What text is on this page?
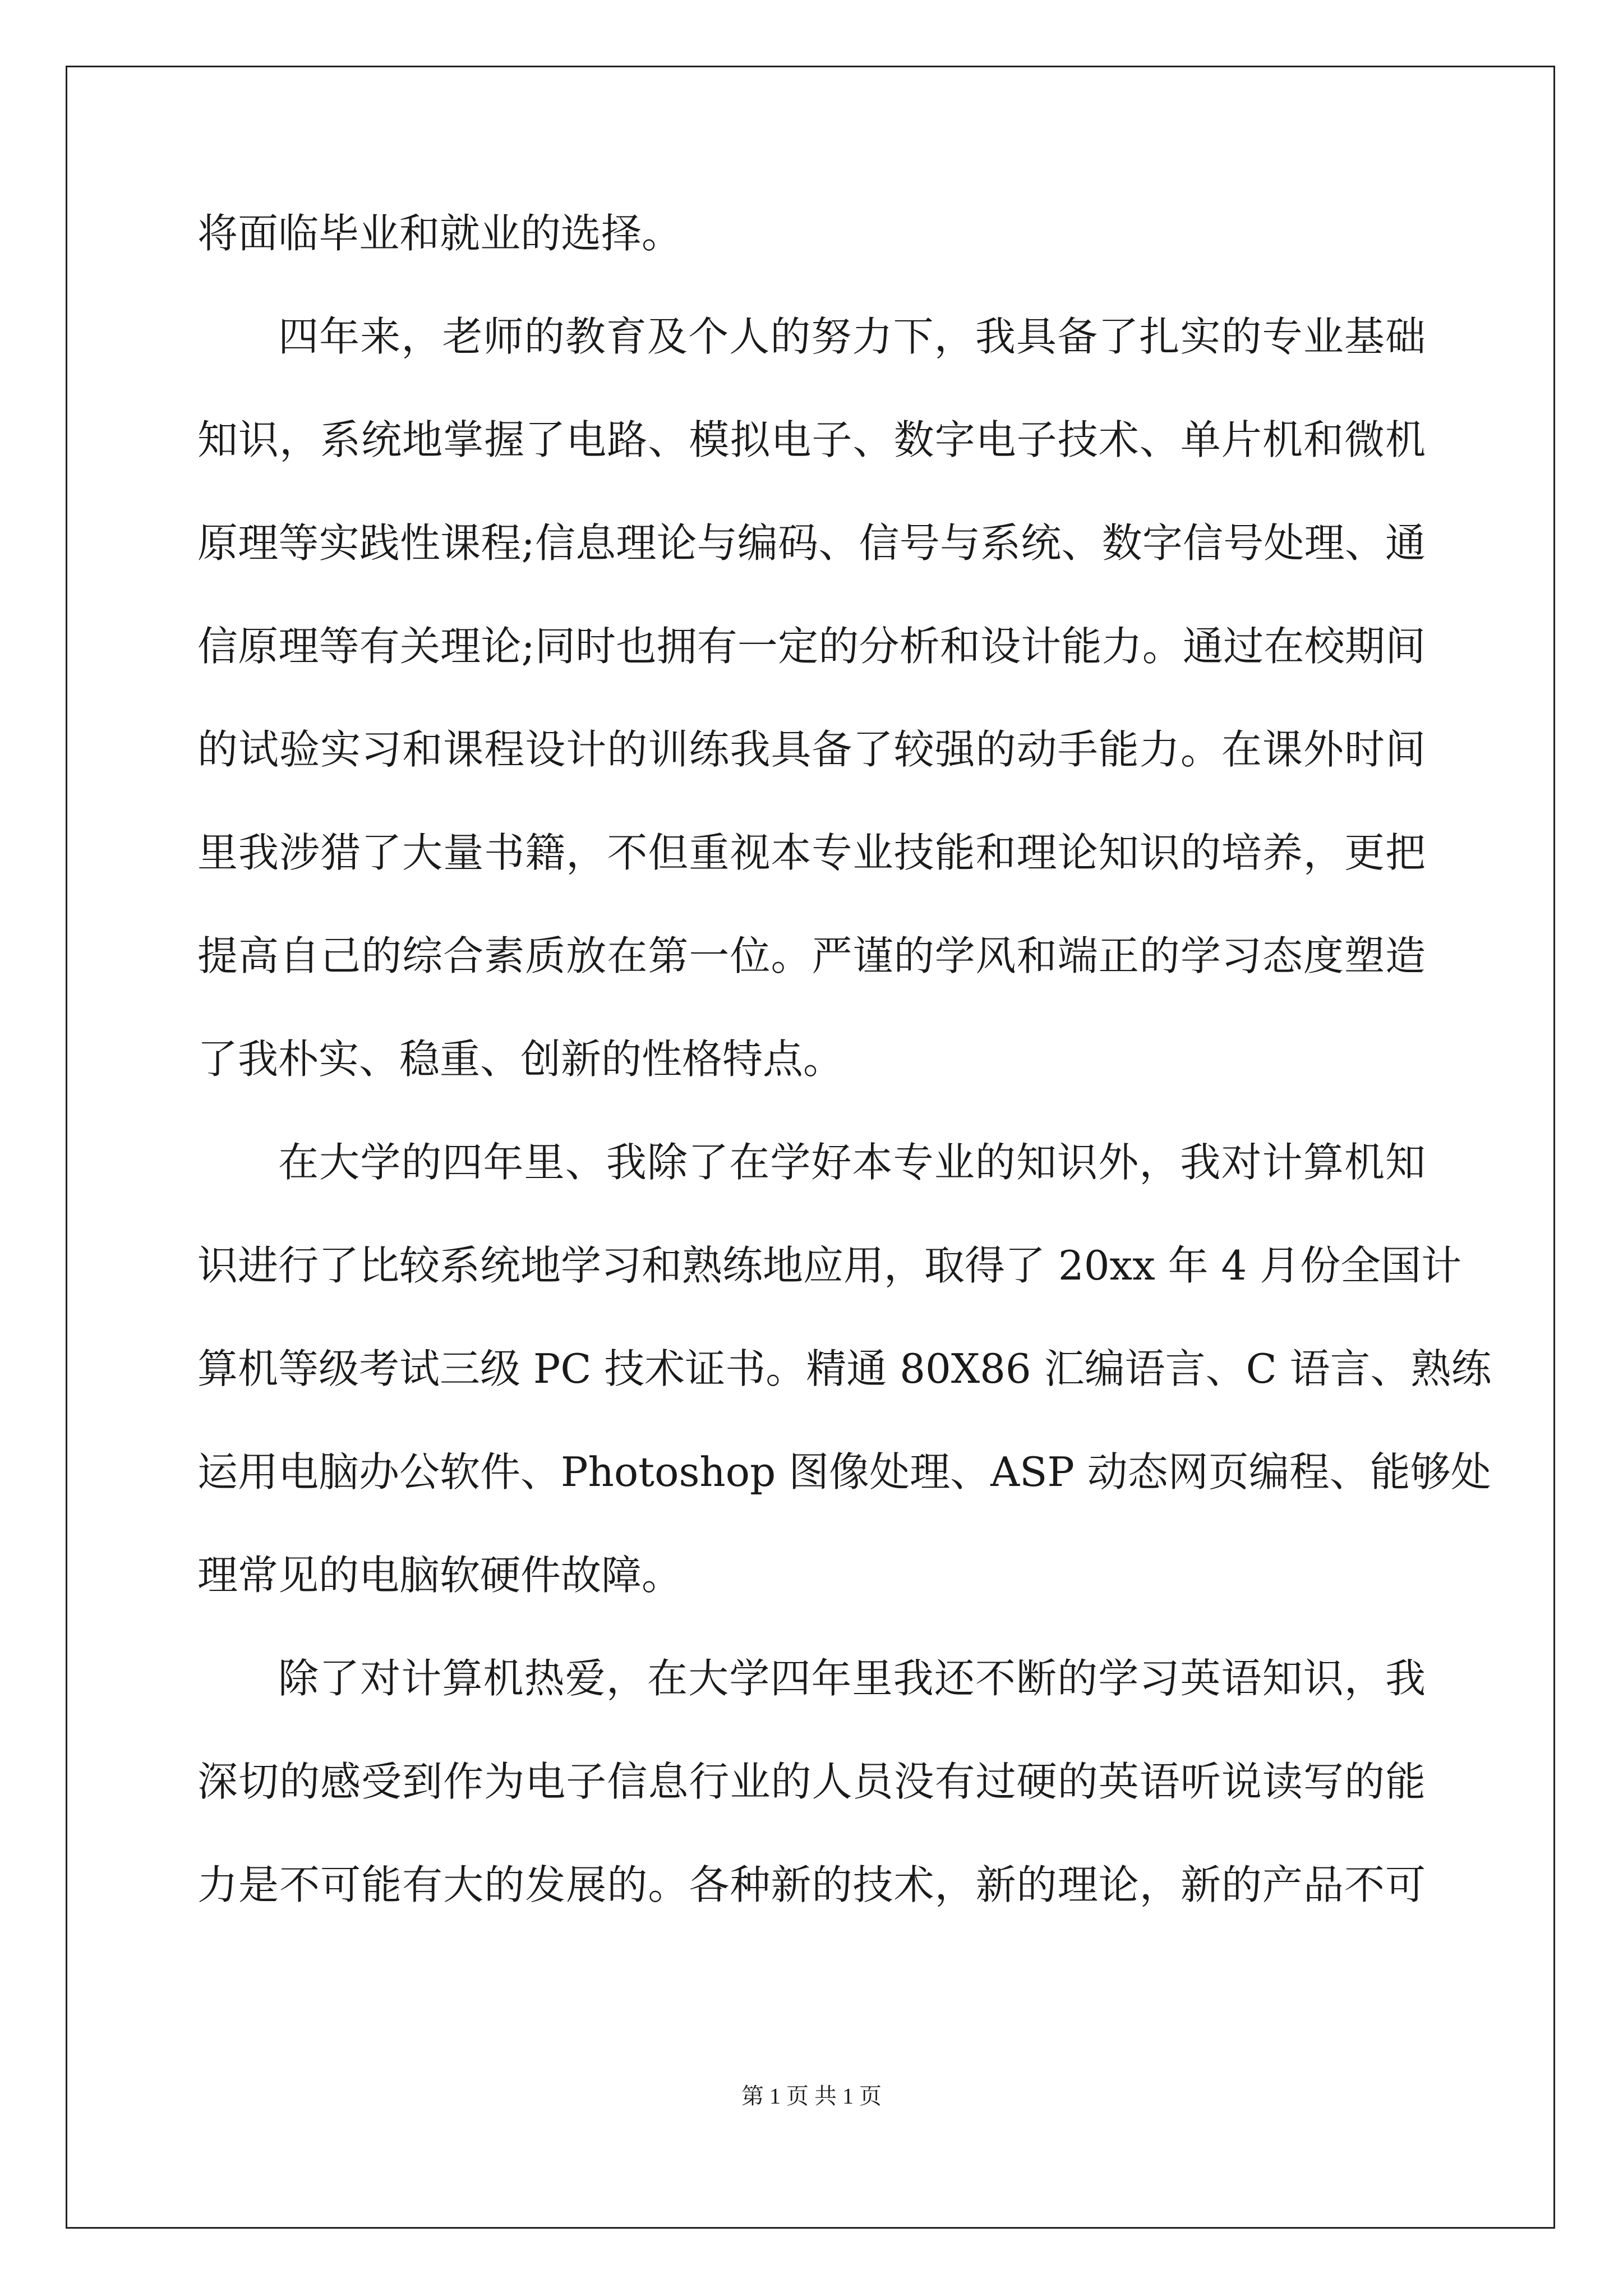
将面临毕业和就业的选择。
四年来，老师的教育及个人的努力下，我具备了扎实的专业基础
知识，系统地掌握了电路、模拟电子、数字电子技术、单片机和微机
原理等实践性课程;信息理论与编码、信号与系统、数字信号处理、通
信原理等有关理论;同时也拥有一定的分析和设计能力。通过在校期间
的试验实习和课程设计的训练我具备了较强的动手能力。在课外时间
里我涉猎了大量书籍，不但重视本专业技能和理论知识的培养，更把
提高自己的综合素质放在第一位。严谨的学风和端正的学习态度塑造
了我朴实、稳重、创新的性格特点。
在大学的四年里、我除了在学好本专业的知识外，我对计算机知
识进行了比较系统地学习和熟练地应用，取得了 20xx 年 4 月份全国计
算机等级考试三级 PC 技术证书。精通 80X86 汇编语言、C 语言、熟练
运用电脑办公软件、Photoshop 图像处理、ASP 动态网页编程、能够处
理常见的电脑软硬件故障。
除了对计算机热爱，在大学四年里我还不断的学习英语知识，我
深切的感受到作为电子信息行业的人员没有过硬的英语听说读写的能
力是不可能有大的发展的。各种新的技术，新的理论，新的产品不可
第 1 页 共 1 页
